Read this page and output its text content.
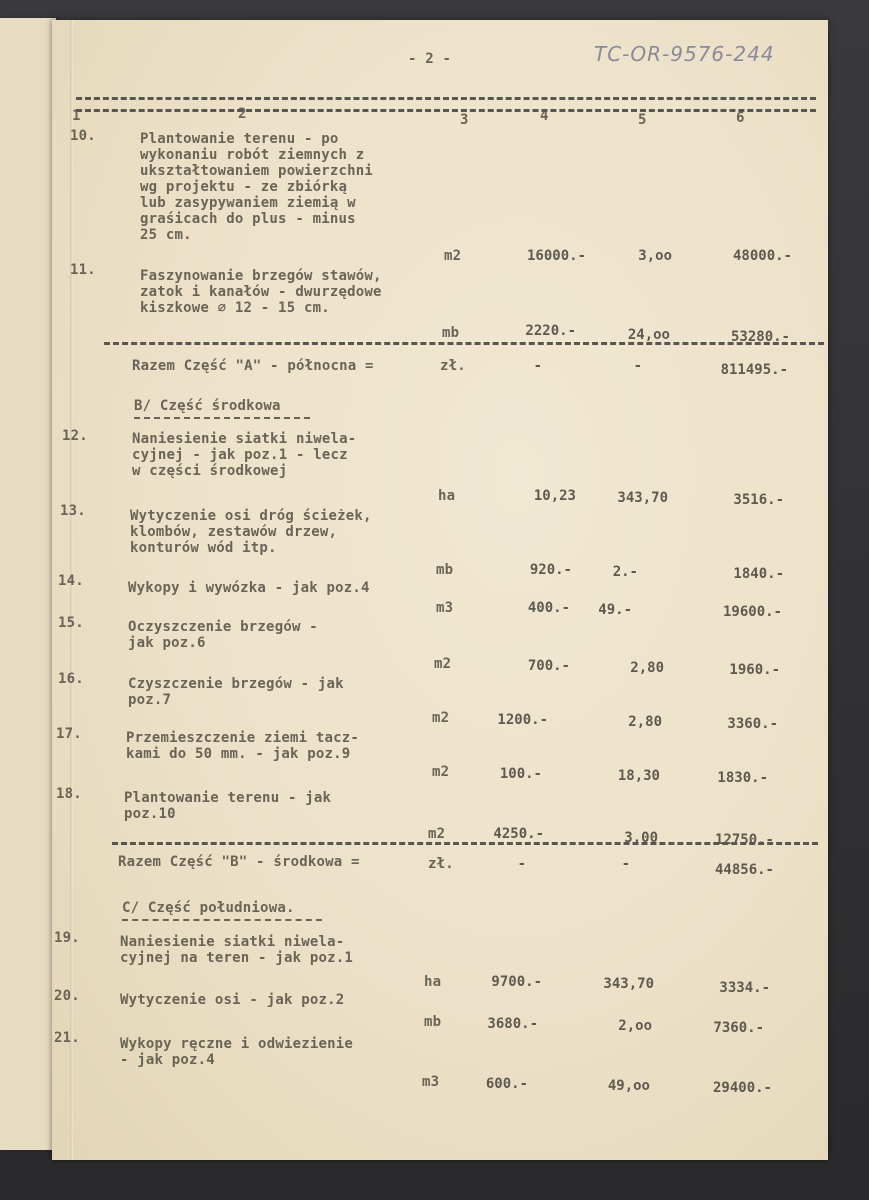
- 2 -	TC-OR-9576-244
1	2	3	4	5	6
10.	Plantowanie terenu - po
wykonaniu robót ziemnych z
ukształtowaniem powierzchni
wg projektu - ze zbiórką
lub zasypywaniem ziemią w
graśicach do plus - minus
25 cm.
m2	16000.-	3,oo	48000.-
11.	Faszynowanie brzegów stawów,
zatok i kanałów - dwurzędowe
kiszkowe ∅ 12 - 15 cm.
mb	2220.-	24,oo	53280.-
Razem Część "A" - północna =	zł.	-	-	811495.-
B/ Część środkowa
12.	Naniesienie siatki niwela-
cyjnej - jak poz.1 - lecz
w części środkowej
ha	10,23	343,70	3516.-
13.	Wytyczenie osi dróg ścieżek,
klombów, zestawów drzew,
konturów wód itp.
mb	920.-	2.-	1840.-
14.	Wykopy i wywózka - jak poz.4
m3	400.-	49.-	19600.-
15.	Oczyszczenie brzegów -
jak poz.6
m2	700.-	2,80	1960.-
16.	Czyszczenie brzegów - jak
poz.7
m2	1200.-	2,80	3360.-
17.	Przemieszczenie ziemi tacz-
kami do 50 mm. - jak poz.9
m2	100.-	18,30	1830.-
18.	Plantowanie terenu - jak
poz.10
m2	4250.-	3,00	12750.-
Razem Część "B" - środkowa =	zł.	-	-	44856.-
C/ Część południowa.
19.	Naniesienie siatki niwela-
cyjnej na teren - jak poz.1
ha	9700.-	343,70	3334.-
20.	Wytyczenie osi - jak poz.2
mb	3680.-	2,oo	7360.-
21.	Wykopy ręczne i odwiezienie
- jak poz.4
m3	600.-	49,oo	29400.-
